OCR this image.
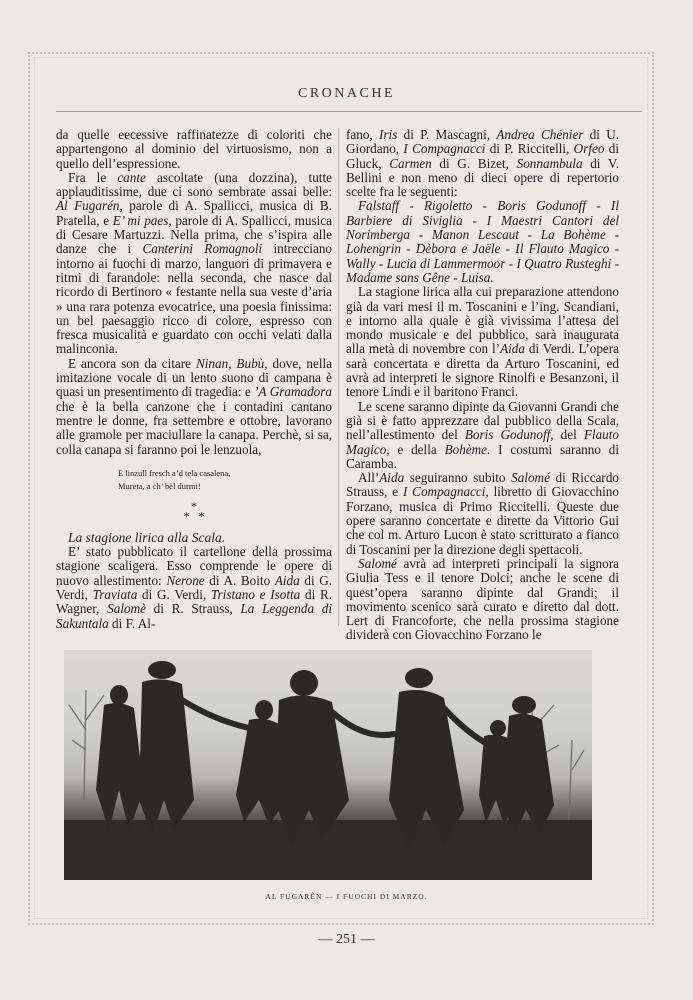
CRONACHE

da quelle eecessive raffinatezze di coloriti che appartengono al dominio del virtuosismo, non a quello dell’espressione.

Fra le cante ascoltate (una dozzina), tutte applauditissime, due ci sono sembrate assai belle: Al Fugarén, parole di A. Spallicci, musica di B. Pratella, e E’ mi paes, parole di A. Spallicci, musica di Cesare Martuzzi. Nella prima, che s’ispira alle danze che i Canterini Romagnoli intrecciano intorno ai fuochi di marzo, languori di primavera e ritmi di farandole: nella seconda, che nasce dal ricordo di Bertinoro « festante nella sua veste d’aria » una rara potenza evocatrice, una poesia finissima: un bel paesaggio ricco di colore, espresso con fresca musicalità e guardato con occhi velati dalla malinconia.

E ancora son da citare Ninan, Bubù, dove, nella imitazione vocale di un lento suono di campana è quasi un presentimento di tragedia: e ’A Gramadora che è la bella canzone che i contadini cantano mentre le donne, fra settembre e ottobre, lavorano alle gramole per maciullare la canapa. Perchè, si sa, colla canapa si faranno poi le lenzuola,

E linzull fresch a’d tela casalena,
Mureta, a ch’ bël durmi!
*
*   *

La stagione lirica alla Scala.

E’ stato pubblicato il cartellone della prossima stagione scaligera. Esso comprende le opere di nuovo allestimento: Nerone di A. Boito Aida di G. Verdi, Traviata di G. Verdi, Tristano e Isotta di R. Wagner, Salomè di R. Strauss, La Leggenda di Sakuntala di F. Al-

fano, Iris di P. Mascagni, Andrea Chénier di U. Giordano, I Compagnacci di P. Riccitelli, Orfeo di Gluck, Carmen di G. Bizet, Sonnambula di V. Bellini e non meno di dieci opere di repertorio scelte fra le seguenti:

Falstaff - Rigoletto - Boris Godunoff - Il Barbiere di Siviglia - I Maestri Cantori del Norimberga - Manon Lescaut - La Bohème - Lohengrin - Dèbora e Jaële - Il Flauto Magico - Wally - Lucia di Lammermoor - I Quatro Rusteghi - Madame sans Gêne - Luisa.

La stagione lirica alla cui preparazione attendono già da vari mesi il m. Toscanini e l’ing. Scandiani, e intorno alla quale è già vivissima l’attesa del mondo musicale e del pubblico, sarà inaugurata alla metà di novembre con l’Aida di Verdi. L’opera sarà concertata e diretta da Arturo Toscanini, ed avrà ad interpreti le signore Rinolfi e Besanzoni, il tenore Lindi e il baritono Franci.

Le scene saranno dipinte da Giovanni Grandi che già si è fatto apprezzare dal pubblico della Scala, nell’allestimento del Boris Godunoff, del Flauto Magico, e della Bohème. I costumi saranno di Caramba.

All’Aida seguiranno subito Salomé di Riccardo Strauss, e I Compagnacci, libretto di Giovacchino Forzano, musica di Primo Riccitelli. Queste due opere saranno concertate e dirette da Vittorio Gui che col m. Arturo Lucon è stato scritturato a fianco di Toscanini per la direzione degli spettacoli.

Salomé avrà ad interpreti principali la signora Giulia Tess e il tenore Dolci; anche le scene di quest’opera saranno dipinte dal Grandi; il movimento scenico sarà curato e diretto dal dott. Lert di Francoforte, che nella prossima stagione dividerà con Giovacchino Forzano le

AL FUGARÊN — I FUOCHI DI MARZO.
— 251 —
